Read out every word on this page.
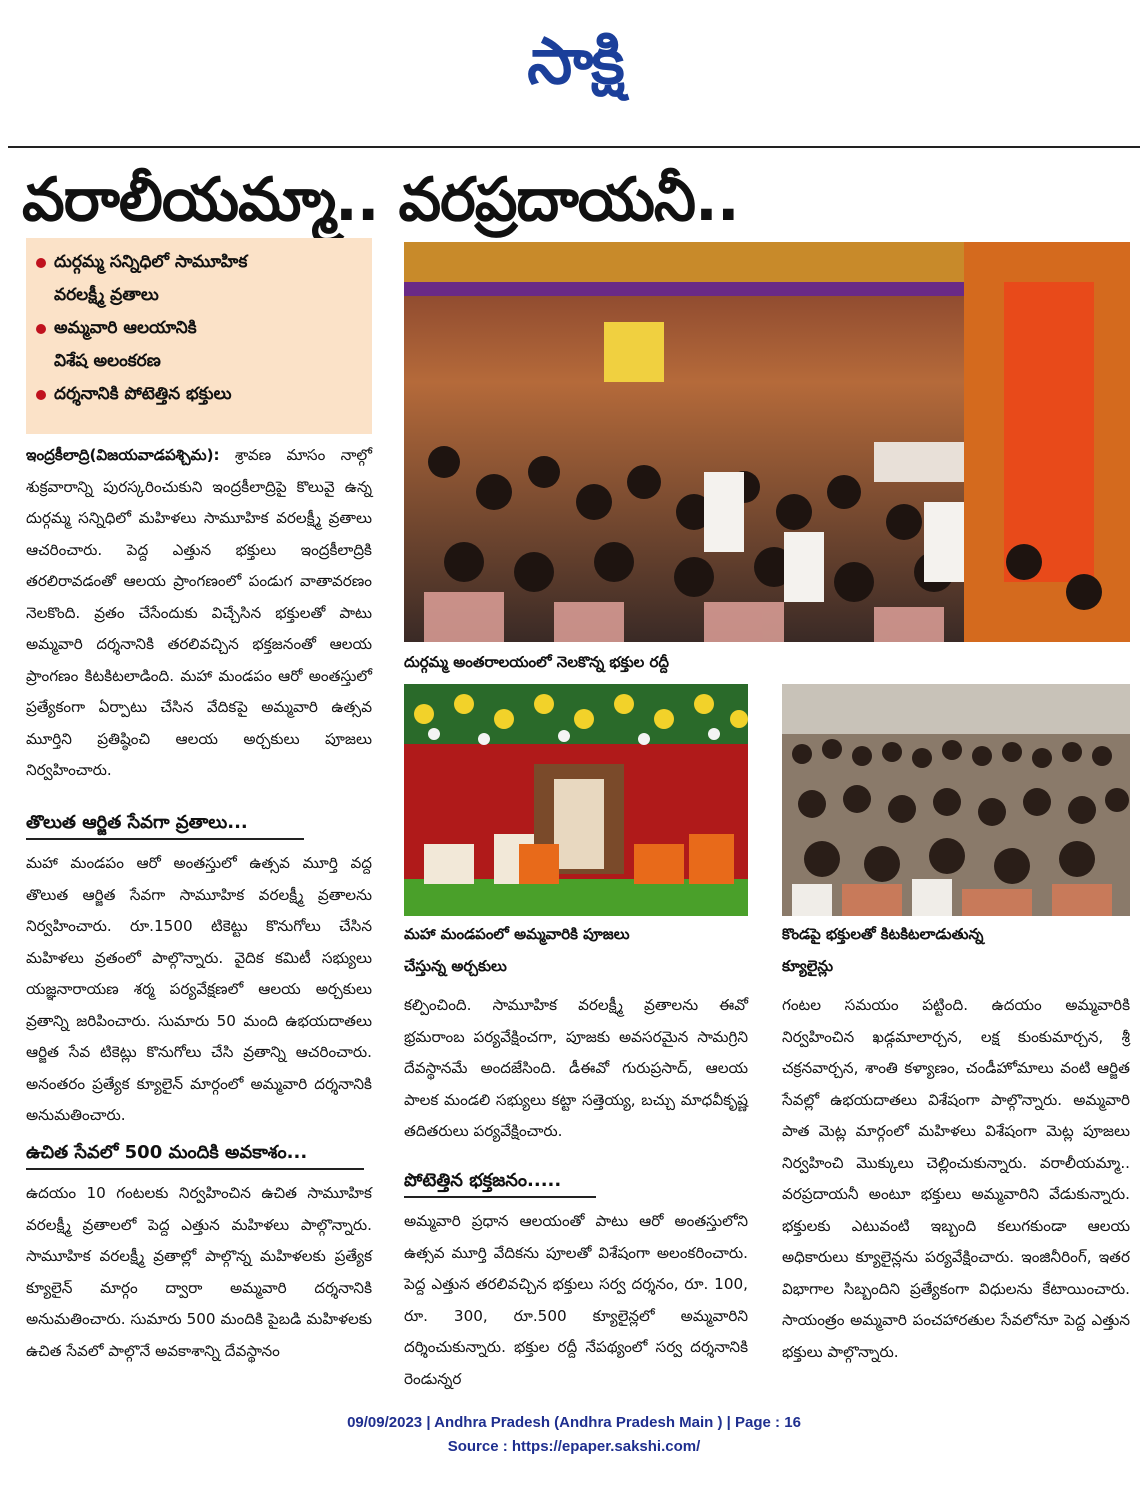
సాక్షి
వరాలీయమ్మా.. వరప్రదాయనీ..
దుర్గమ్మ సన్నిధిలో సామూహిక
వరలక్ష్మీ వ్రతాలు
అమ్మవారి ఆలయానికి
విశేష అలంకరణ
దర్శనానికి పోటెత్తిన భక్తులు

ఇంద్రకీలాద్రి(విజయవాడపశ్చిమ): శ్రావణ మాసం నాల్గో శుక్రవారాన్ని పురస్కరించుకుని ఇంద్రకీలాద్రిపై కొలువై ఉన్న దుర్గమ్మ సన్నిధిలో మహిళలు సామూహిక వరలక్ష్మీ వ్రతాలు ఆచరించారు. పెద్ద ఎత్తున భక్తులు ఇంద్రకీలాద్రికి తరలిరావడంతో ఆలయ ప్రాంగణంలో పండుగ వాతావరణం నెలకొంది. వ్రతం చేసేందుకు విచ్చేసిన భక్తులతో పాటు అమ్మవారి దర్శనానికి తరలివచ్చిన భక్తజనంతో ఆలయ ప్రాంగణం కిటకిటలాడింది. మహా మండపం ఆరో అంతస్తులో ప్రత్యేకంగా ఏర్పాటు చేసిన వేదికపై అమ్మవారి ఉత్సవ మూర్తిని ప్రతిష్ఠించి ఆలయ అర్చకులు పూజలు నిర్వహించారు.

తొలుత ఆర్జిత సేవగా వ్రతాలు...

మహా మండపం ఆరో అంతస్తులో ఉత్సవ మూర్తి వద్ద తొలుత ఆర్జిత సేవగా సామూహిక వరలక్ష్మీ వ్రతాలను నిర్వహించారు. రూ.1500 టికెట్టు కొనుగోలు చేసిన మహిళలు వ్రతంలో పాల్గొన్నారు. వైదిక కమిటీ సభ్యులు యజ్ఞనారాయణ శర్మ పర్యవేక్షణలో ఆలయ అర్చకులు వ్రతాన్ని జరిపించారు. సుమారు 50 మంది ఉభయదాతలు ఆర్జిత సేవ టికెట్లు కొనుగోలు చేసి వ్రతాన్ని ఆచరించారు. అనంతరం ప్రత్యేక క్యూలైన్ మార్గంలో అమ్మవారి దర్శనానికి అనుమతించారు.

ఉచిత సేవలో 500 మందికి అవకాశం...

ఉదయం 10 గంటలకు నిర్వహించిన ఉచిత సామూహిక వరలక్ష్మీ వ్రతాలలో పెద్ద ఎత్తున మహిళలు పాల్గొన్నారు. సామూహిక వరలక్ష్మీ వ్రతాల్లో పాల్గొన్న మహిళలకు ప్రత్యేక క్యూలైన్ మార్గం ద్వారా అమ్మవారి దర్శనానికి అనుమతించారు. సుమారు 500 మందికి పైబడి మహిళలకు ఉచిత సేవలో పాల్గొనే అవకాశాన్ని దేవస్థానం

దుర్గమ్మ అంతరాలయంలో నెలకొన్న భక్తుల రద్దీ
మహా మండపంలో అమ్మవారికి పూజలు
చేస్తున్న అర్చకులు
కొండపై భక్తులతో కిటకిటలాడుతున్న
క్యూలైన్లు

కల్పించింది. సామూహిక వరలక్ష్మీ వ్రతాలను ఈవో భ్రమరాంబ పర్యవేక్షించగా, పూజకు అవసరమైన సామగ్రిని దేవస్థానమే అందజేసింది. డీఈవో గురుప్రసాద్, ఆలయ పాలక మండలి సభ్యులు కట్టా సత్తెయ్య, బచ్చు మాధవీకృష్ణ తదితరులు పర్యవేక్షించారు.

పోటెత్తిన భక్తజనం.....

అమ్మవారి ప్రధాన ఆలయంతో పాటు ఆరో అంతస్తులోని ఉత్సవ మూర్తి వేదికను పూలతో విశేషంగా అలంకరించారు. పెద్ద ఎత్తున తరలివచ్చిన భక్తులు సర్వ దర్శనం, రూ. 100, రూ. 300, రూ.500 క్యూలైన్లలో అమ్మవారిని దర్శించుకున్నారు. భక్తుల రద్దీ నేపథ్యంలో సర్వ దర్శనానికి రెండున్నర

గంటల సమయం పట్టింది. ఉదయం అమ్మవారికి నిర్వహించిన ఖడ్గమాలార్చన, లక్ష కుంకుమార్చన, శ్రీ చక్రనవార్చన, శాంతి కళ్యాణం, చండీహోమాలు వంటి ఆర్జిత సేవల్లో ఉభయదాతలు విశేషంగా పాల్గొన్నారు. అమ్మవారి పాత మెట్ల మార్గంలో మహిళలు విశేషంగా మెట్ల పూజలు నిర్వహించి మొక్కులు చెల్లించుకున్నారు. వరాలీయమ్మా.. వరప్రదాయనీ అంటూ భక్తులు అమ్మవారిని వేడుకున్నారు. భక్తులకు ఎటువంటి ఇబ్బంది కలుగకుండా ఆలయ అధికారులు క్యూలైన్లను పర్యవేక్షించారు. ఇంజినీరింగ్, ఇతర విభాగాల సిబ్బందిని ప్రత్యేకంగా విధులను కేటాయించారు. సాయంత్రం అమ్మవారి పంచహారతుల సేవలోనూ పెద్ద ఎత్తున భక్తులు పాల్గొన్నారు.

09/09/2023 | Andhra Pradesh (Andhra Pradesh Main ) | Page : 16
Source : https://epaper.sakshi.com/
